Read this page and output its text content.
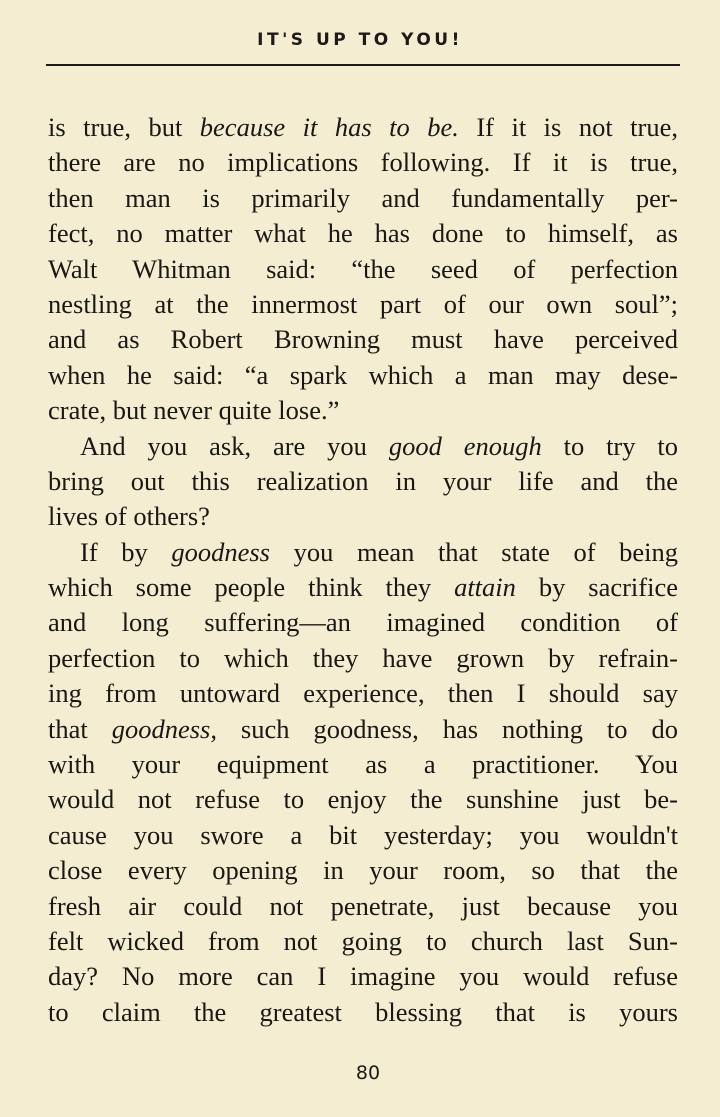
IT'S UP TO YOU!
is true, but because it has to be. If it is not true,
there are no implications following. If it is true,
then man is primarily and fundamentally per-
fect, no matter what he has done to himself, as
Walt Whitman said: “the seed of perfection
nestling at the innermost part of our own soul”;
and as Robert Browning must have perceived
when he said: “a spark which a man may dese-
crate, but never quite lose.”
And you ask, are you good enough to try to
bring out this realization in your life and the
lives of others?
If by goodness you mean that state of being
which some people think they attain by sacrifice
and long suffering—an imagined condition of
perfection to which they have grown by refrain-
ing from untoward experience, then I should say
that goodness, such goodness, has nothing to do
with your equipment as a practitioner. You
would not refuse to enjoy the sunshine just be-
cause you swore a bit yesterday; you wouldn't
close every opening in your room, so that the
fresh air could not penetrate, just because you
felt wicked from not going to church last Sun-
day? No more can I imagine you would refuse
to claim the greatest blessing that is yours
80
